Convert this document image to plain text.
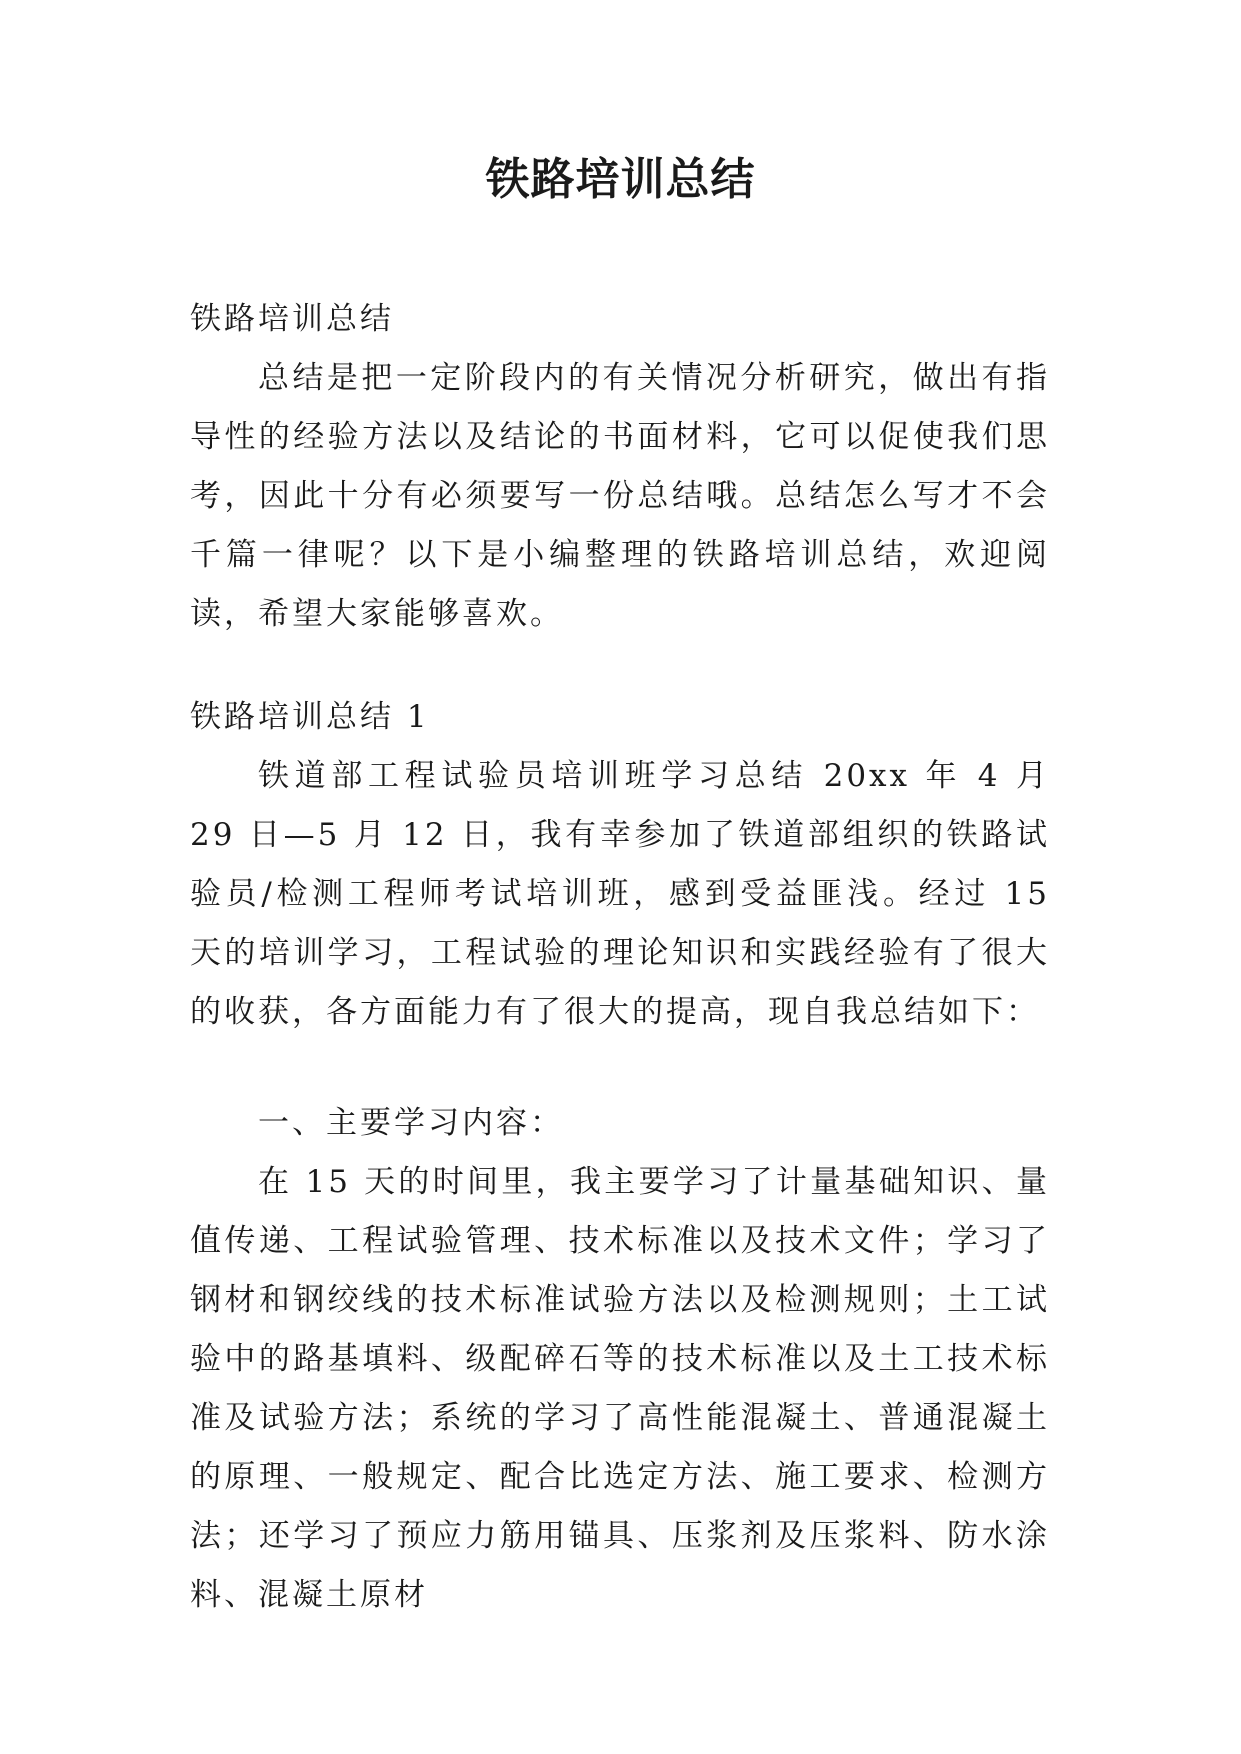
铁路培训总结

铁路培训总结

总结是把一定阶段内的有关情况分析研究，做出有指导性的经验方法以及结论的书面材料，它可以促使我们思考，因此十分有必须要写一份总结哦。总结怎么写才不会千篇一律呢？以下是小编整理的铁路培训总结，欢迎阅读，希望大家能够喜欢。

铁路培训总结 1

铁道部工程试验员培训班学习总结 20xx 年 4 月 29 日—5 月 12 日，我有幸参加了铁道部组织的铁路试验员/检测工程师考试培训班，感到受益匪浅。经过 15 天的培训学习，工程试验的理论知识和实践经验有了很大的收获，各方面能力有了很大的提高，现自我总结如下：

一、主要学习内容：

在 15 天的时间里，我主要学习了计量基础知识、量值传递、工程试验管理、技术标准以及技术文件；学习了钢材和钢绞线的技术标准试验方法以及检测规则；土工试验中的路基填料、级配碎石等的技术标准以及土工技术标准及试验方法；系统的学习了高性能混凝土、普通混凝土的原理、一般规定、配合比选定方法、施工要求、检测方法；还学习了预应力筋用锚具、压浆剂及压浆料、防水涂料、混凝土原材
